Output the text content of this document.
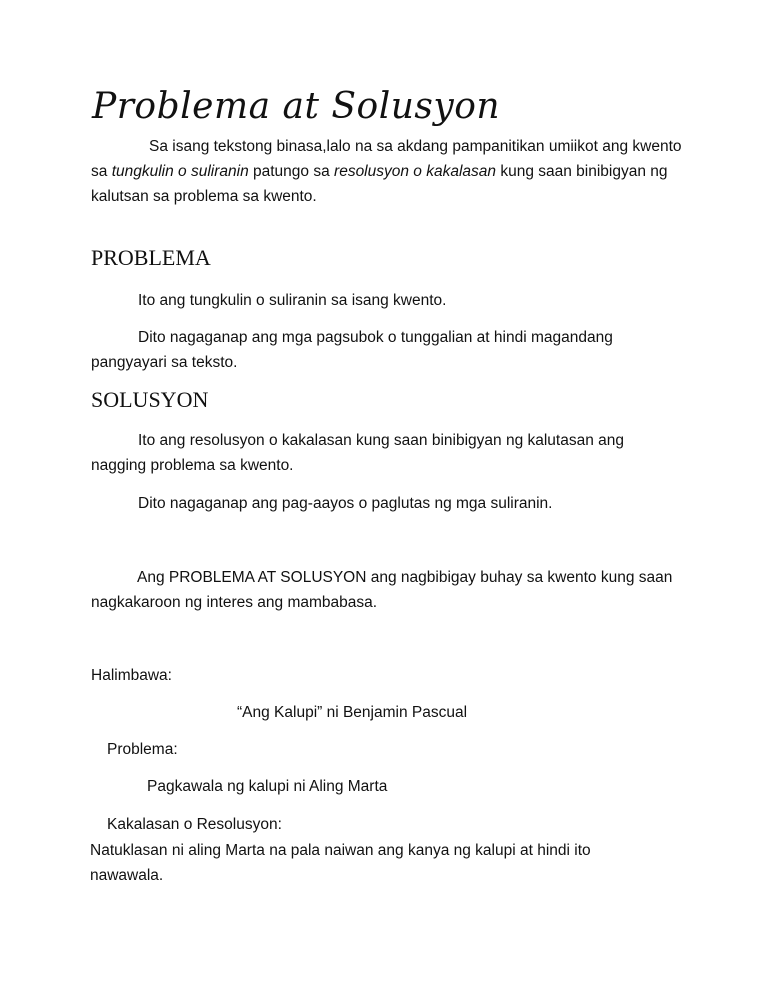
Problema at Solusyon
Sa isang tekstong binasa,lalo na sa akdang pampanitikan umiikot ang kwento sa tungkulin o suliranin patungo sa resolusyon o kakalasan kung saan binibigyan ng kalutsan sa problema sa kwento.
PROBLEMA
Ito ang tungkulin o suliranin sa isang kwento.
Dito nagaganap ang mga pagsubok o tunggalian at hindi magandang pangyayari sa teksto.
SOLUSYON
Ito ang resolusyon o kakalasan kung saan binibigyan ng kalutasan ang nagging problema sa kwento.
Dito nagaganap ang pag-aayos o paglutas ng mga suliranin.
Ang PROBLEMA AT SOLUSYON ang nagbibigay buhay sa kwento kung saan nagkakaroon ng interes ang mambabasa.
Halimbawa:
“Ang Kalupi” ni Benjamin Pascual
Problema:
Pagkawala ng kalupi ni Aling Marta
Kakalasan o Resolusyon:
Natuklasan ni aling Marta na pala naiwan ang kanya ng kalupi at hindi ito nawawala.
